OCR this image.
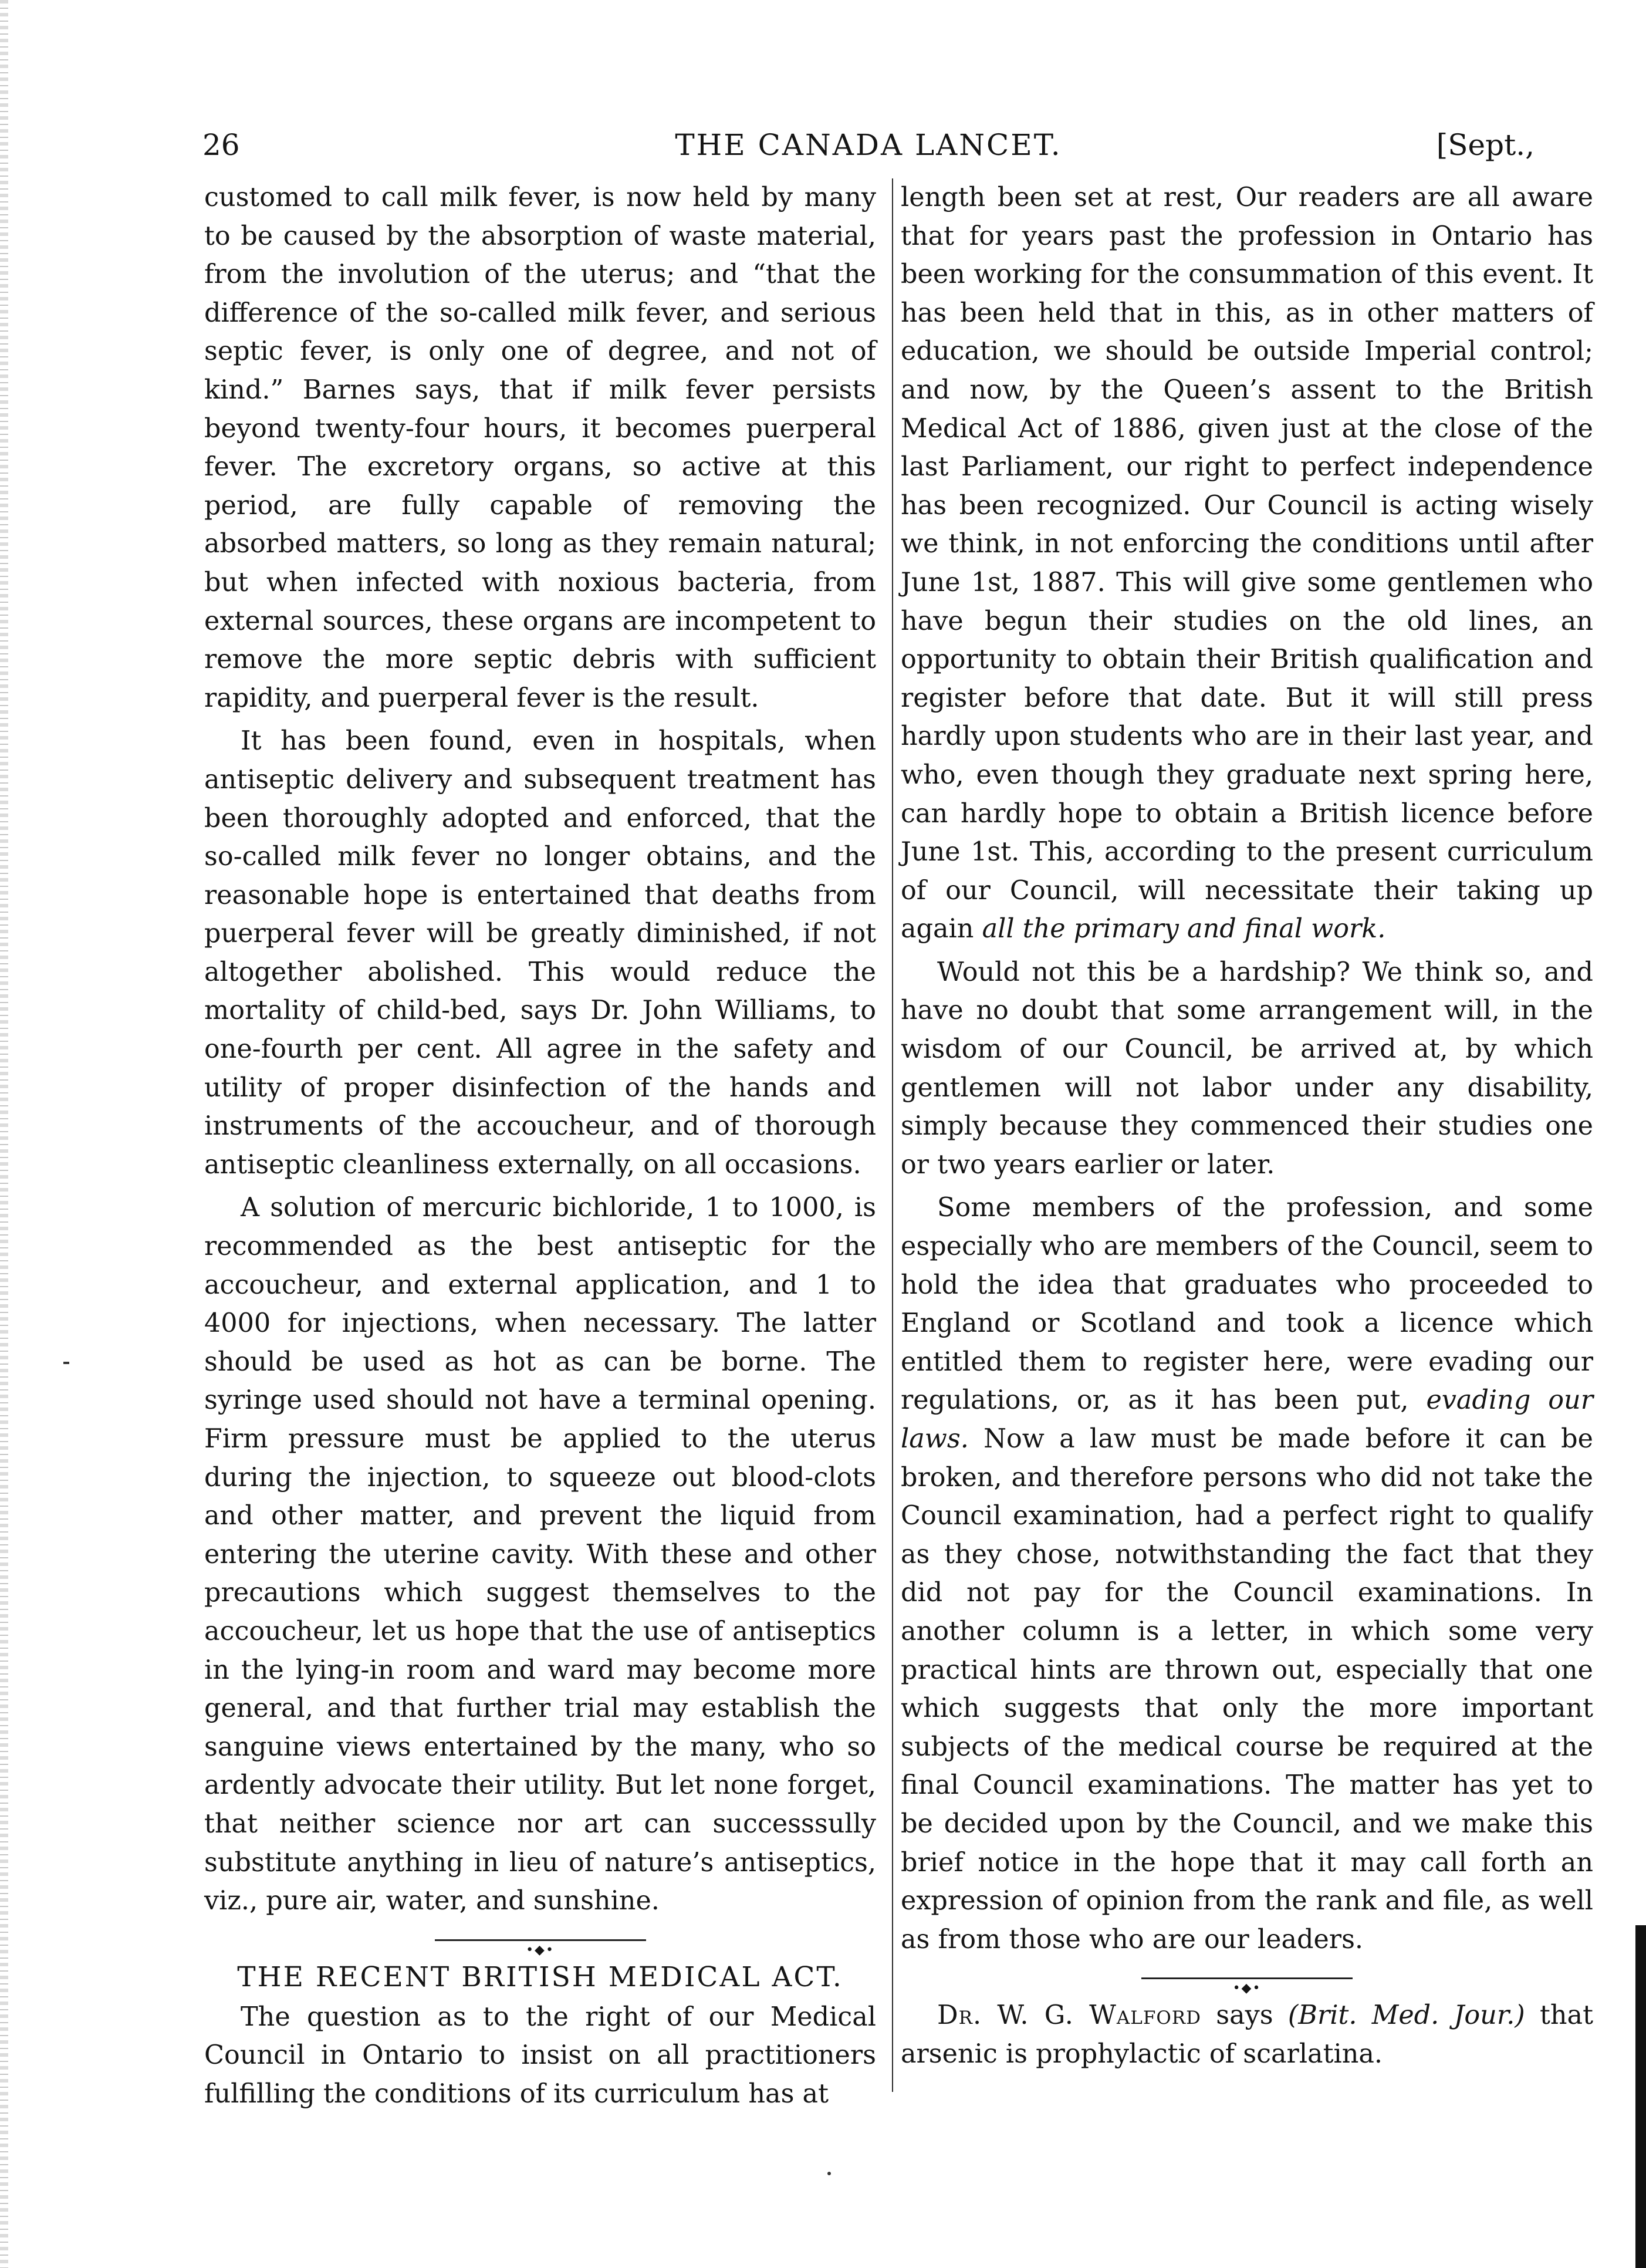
26	THE CANADA LANCET.	[Sept.,

customed to call milk fever, is now held by many to be caused by the absorption of waste material, from the involution of the uterus; and “that the difference of the so-called milk fever, and serious septic fever, is only one of degree, and not of kind.” Barnes says, that if milk fever persists beyond twenty-four hours, it becomes puerperal fever. The excretory organs, so active at this period, are fully capable of removing the absorbed matters, so long as they remain natural; but when infected with noxious bacteria, from external sources, these organs are incompetent to remove the more septic debris with sufficient rapidity, and puerperal fever is the result.

It has been found, even in hospitals, when antiseptic delivery and subsequent treatment has been thoroughly adopted and enforced, that the so-called milk fever no longer obtains, and the reasonable hope is entertained that deaths from puerperal fever will be greatly diminished, if not altogether abolished. This would reduce the mortality of child-bed, says Dr. John Williams, to one-fourth per cent. All agree in the safety and utility of proper disinfection of the hands and instruments of the accoucheur, and of thorough antiseptic cleanliness externally, on all occasions.

A solution of mercuric bichloride, 1 to 1000, is recommended as the best antiseptic for the accoucheur, and external application, and 1 to 4000 for injections, when necessary. The latter should be used as hot as can be borne. The syringe used should not have a terminal opening. Firm pressure must be applied to the uterus during the injection, to squeeze out blood-clots and other matter, and prevent the liquid from entering the uterine cavity. With these and other precautions which suggest themselves to the accoucheur, let us hope that the use of antiseptics in the lying-in room and ward may become more general, and that further trial may establish the sanguine views entertained by the many, who so ardently advocate their utility. But let none forget, that neither science nor art can successsully substitute anything in lieu of nature’s antiseptics, viz., pure air, water, and sunshine.

•◆•
THE RECENT BRITISH MEDICAL ACT.

The question as to the right of our Medical Council in Ontario to insist on all practitioners fulfilling the conditions of its curriculum has at

length been set at rest, Our readers are all aware that for years past the profession in Ontario has been working for the consummation of this event. It has been held that in this, as in other matters of education, we should be outside Imperial control; and now, by the Queen’s assent to the British Medical Act of 1886, given just at the close of the last Parliament, our right to perfect independence has been recognized. Our Council is acting wisely we think, in not enforcing the conditions until after June 1st, 1887. This will give some gentlemen who have begun their studies on the old lines, an opportunity to obtain their British qualification and register before that date. But it will still press hardly upon students who are in their last year, and who, even though they graduate next spring here, can hardly hope to obtain a British licence before June 1st. This, according to the present curriculum of our Council, will necessitate their taking up again all the primary and final work.

Would not this be a hardship? We think so, and have no doubt that some arrangement will, in the wisdom of our Council, be arrived at, by which gentlemen will not labor under any disability, simply because they commenced their studies one or two years earlier or later.

Some members of the profession, and some especially who are members of the Council, seem to hold the idea that graduates who proceeded to England or Scotland and took a licence which entitled them to register here, were evading our regulations, or, as it has been put, evading our laws. Now a law must be made before it can be broken, and therefore persons who did not take the Council examination, had a perfect right to qualify as they chose, notwithstanding the fact that they did not pay for the Council examinations. In another column is a letter, in which some very practical hints are thrown out, especially that one which suggests that only the more important subjects of the medical course be required at the final Council examinations. The matter has yet to be decided upon by the Council, and we make this brief notice in the hope that it may call forth an expression of opinion from the rank and file, as well as from those who are our leaders.

•◆•

Dr. W. G. Walford says (Brit. Med. Jour.) that arsenic is prophylactic of scarlatina.
